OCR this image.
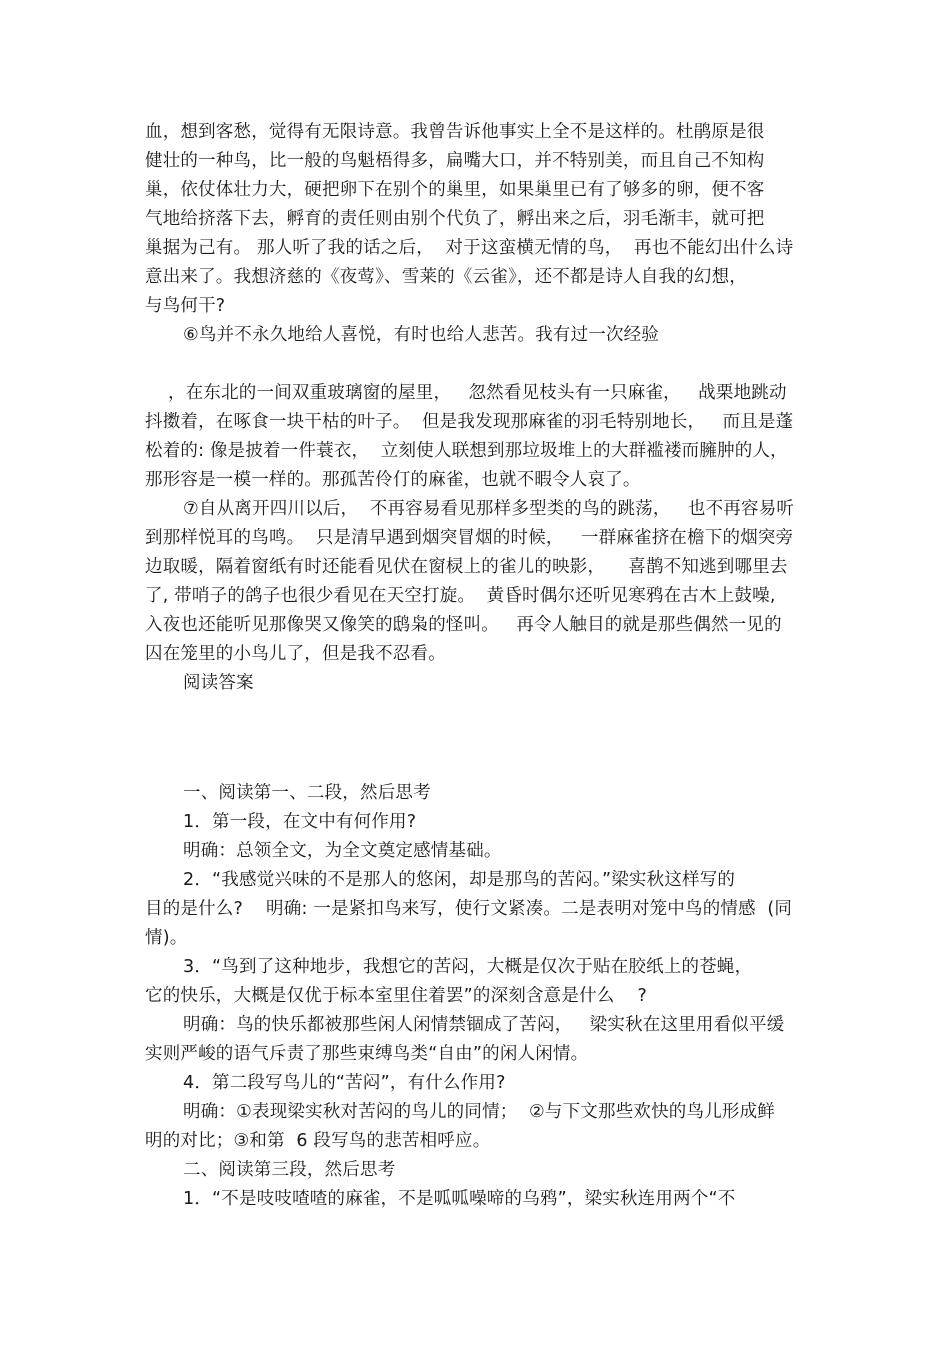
血，想到客愁，觉得有无限诗意。我曾告诉他事实上全不是这样的。杜鹃原是很
健壮的一种鸟，比一般的鸟魁梧得多，扁嘴大口，并不特别美，而且自己不知构
巢，依仗体壮力大，硬把卵下在别个的巢里，如果巢里已有了够多的卵，便不客
气地给挤落下去，孵育的责任则由别个代负了，孵出来之后，羽毛渐丰，就可把
巢据为己有。 那人听了我的话之后，  对于这蛮横无情的鸟，  再也不能幻出什么诗
意出来了。我想济慈的《夜莺》、雪莱的《云雀》，还不都是诗人自我的幻想，
与鸟何干?
⑥鸟并不永久地给人喜悦，有时也给人悲苦。我有过一次经验
，在东北的一间双重玻璃窗的屋里，   忽然看见枝头有一只麻雀，   战栗地跳动
抖擞着，在啄食一块干枯的叶子。  但是我发现那麻雀的羽毛特别地长，   而且是蓬
松着的: 像是披着一件蓑衣，  立刻使人联想到那垃圾堆上的大群褴褛而臃肿的人，
那形容是一模一样的。那孤苦伶仃的麻雀，也就不暇令人哀了。
⑦自从离开四川以后，  不再容易看见那样多型类的鸟的跳荡，   也不再容易听
到那样悦耳的鸟鸣。  只是清早遇到烟突冒烟的时候，   一群麻雀挤在檐下的烟突旁
边取暖，隔着窗纸有时还能看见伏在窗棂上的雀儿的映影，    喜鹊不知逃到哪里去
了, 带哨子的鸽子也很少看见在天空打旋。  黄昏时偶尔还听见寒鸦在古木上鼓噪,
入夜也还能听见那像哭又像笑的鸱枭的怪叫。   再令人触目的就是那些偶然一见的
囚在笼里的小鸟儿了，但是我不忍看。
阅读答案
一、阅读第一、二段，然后思考
1．第一段，在文中有何作用?
明确：总领全文，为全文奠定感情基础。
2．“我感觉兴味的不是那人的悠闲，却是那鸟的苦闷。”梁实秋这样写的
目的是什么?    明确: 一是紧扣鸟来写，使行文紧凑。二是表明对笼中鸟的情感  (同
情)。
3．“鸟到了这种地步，我想它的苦闷，大概是仅次于贴在胶纸上的苍蝇，
它的快乐，大概是仅优于标本室里住着罢”的深刻含意是什么    ?
明确：鸟的快乐都被那些闲人闲情禁锢成了苦闷，   梁实秋在这里用看似平缓
实则严峻的语气斥责了那些束缚鸟类“自由”的闲人闲情。
4．第二段写鸟儿的“苦闷”，有什么作用?
明确：①表现梁实秋对苦闷的鸟儿的同情；  ②与下文那些欢快的鸟儿形成鲜
明的对比；③和第  6 段写鸟的悲苦相呼应。
二、阅读第三段，然后思考
1．“不是吱吱喳喳的麻雀，不是呱呱噪啼的乌鸦”，梁实秋连用两个“不
